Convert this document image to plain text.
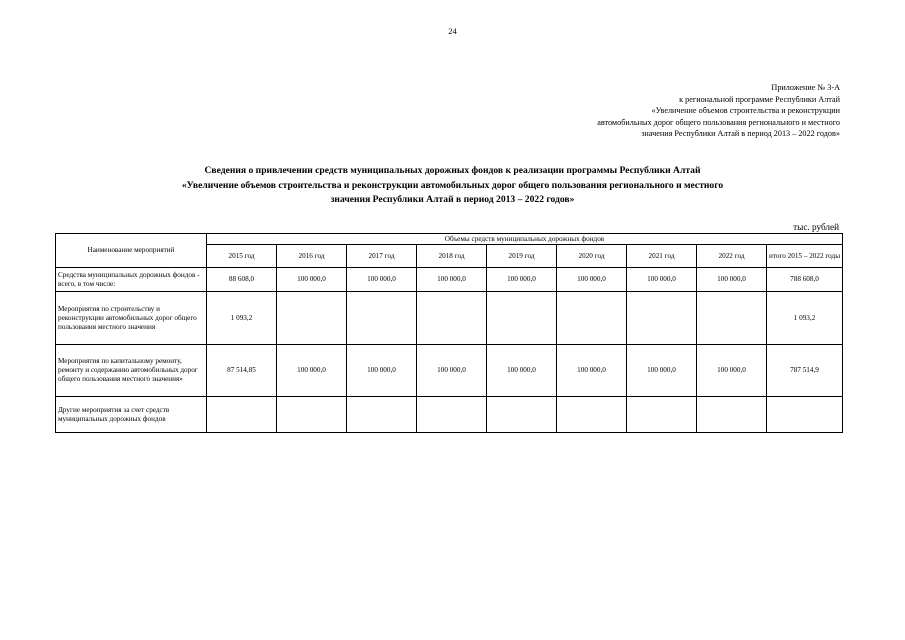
24
Приложение № 3-А
к региональной программе Республики Алтай
«Увеличение объемов строительства и реконструкции
автомобильных дорог общего пользования регионального и местного
значения Республики Алтай в период 2013 – 2022 годов»
Сведения о привлечении средств муниципальных дорожных фондов к реализации программы Республики Алтай
«Увеличение объемов строительства и реконструкции автомобильных дорог общего пользования регионального и местного
значения Республики Алтай в период 2013 – 2022 годов»
тыс. рублей
Наименование мероприятий	Объемы средств муниципальных дорожных фондов								
	2015 год	2016 год	2017 год	2018 год	2019 год	2020 год	2021 год	2022 год	итого 2015 – 2022 годы
Средства муниципальных дорожных фондов - всего, в том числе:	88 608,0	100 000,0	100 000,0	100 000,0	100 000,0	100 000,0	100 000,0	100 000,0	788 608,0
Мероприятия по строительству и реконструкции автомобильных дорог общего пользования местного значения	1 093,2								1 093,2
Мероприятия по капитальному ремонту, ремонту и содержанию автомобильных дорог общего пользования местного значения»	87 514,85	100 000,0	100 000,0	100 000,0	100 000,0	100 000,0	100 000,0	100 000,0	787 514,9
Другие мероприятия за счет средств муниципальных дорожных фондов									
